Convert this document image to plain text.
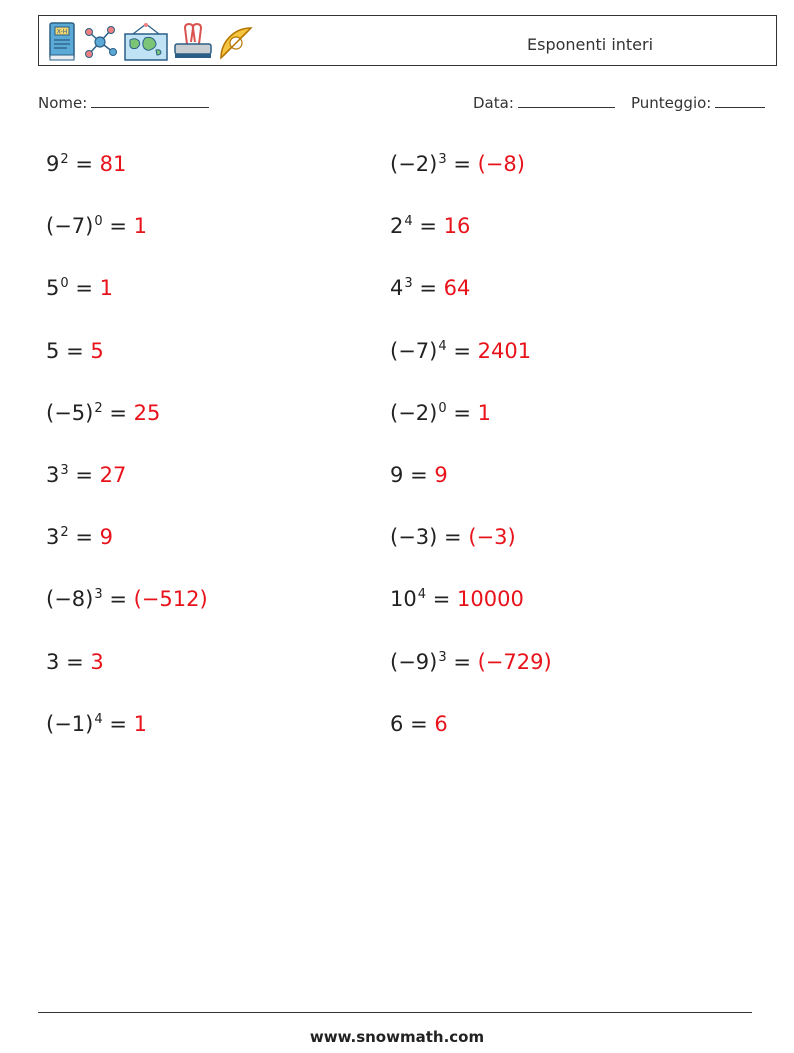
X-H
Esponenti interi
Nome:	Data:	Punteggio:
$9^2 = 81$	$(-2)^3 = (-8)$
$(-7)^0 = 1$	$2^4 = 16$
$5^0 = 1$	$4^3 = 64$
5 = 5	$(-7)^4 = 2401$
$(-5)^2 = 25$	$(-2)^0 = 1$
$3^3 = 27$	9 = 9
$3^2 = 9$	(−3) = (−3)
$(-8)^3 = (-512)$	$10^4 = 10000$
3 = 3	$(-9)^3 = (-729)$
$(-1)^4 = 1$	6 = 6
www.snowmath.com
